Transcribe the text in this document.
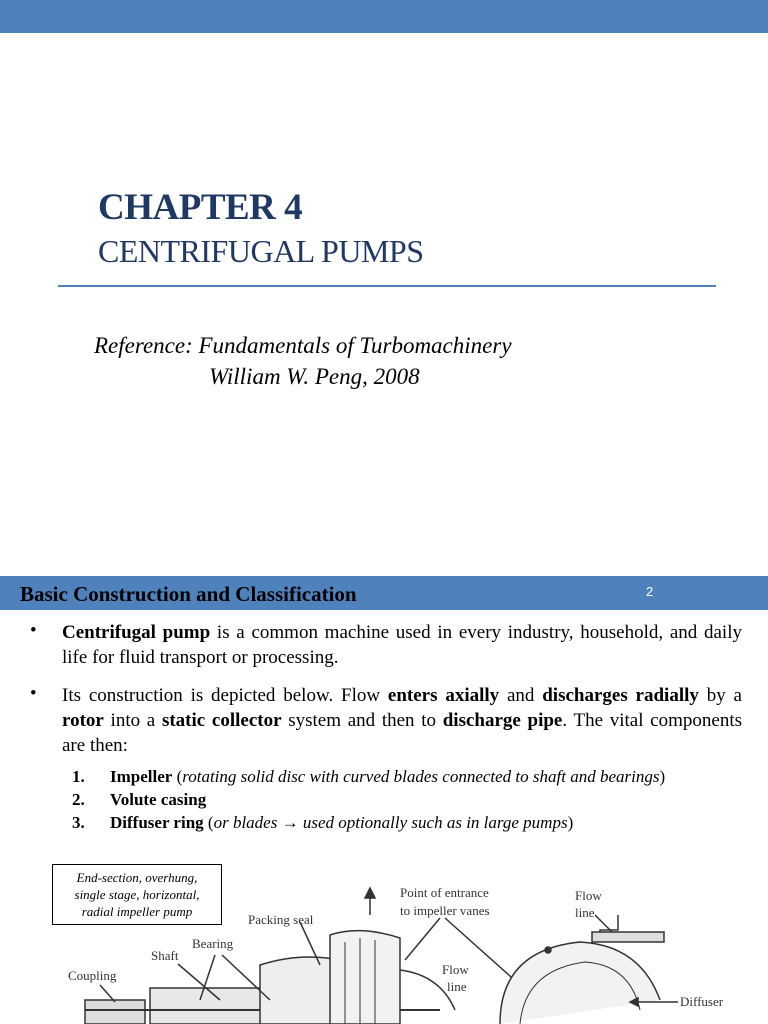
CHAPTER 4
CENTRIFUGAL PUMPS
Reference: Fundamentals of Turbomachinery
William W. Peng, 2008
Basic Construction and Classification	2
• Centrifugal pump is a common machine used in every industry, household, and daily life for fluid transport or processing.
• Its construction is depicted below. Flow enters axially and discharges radially by a rotor into a static collector system and then to discharge pipe. The vital components are then:
1. Impeller (rotating solid disc with curved blades connected to shaft and bearings)
2. Volute casing
3. Diffuser ring (or blades → used optionally such as in large pumps)
Packing seal
Bearing
Shaft
Coupling
Point of entrance
to impeller vanes
Flow
line
Flow
line
Diffuser
End-section, overhung,
single stage, horizontal,
radial impeller pump
